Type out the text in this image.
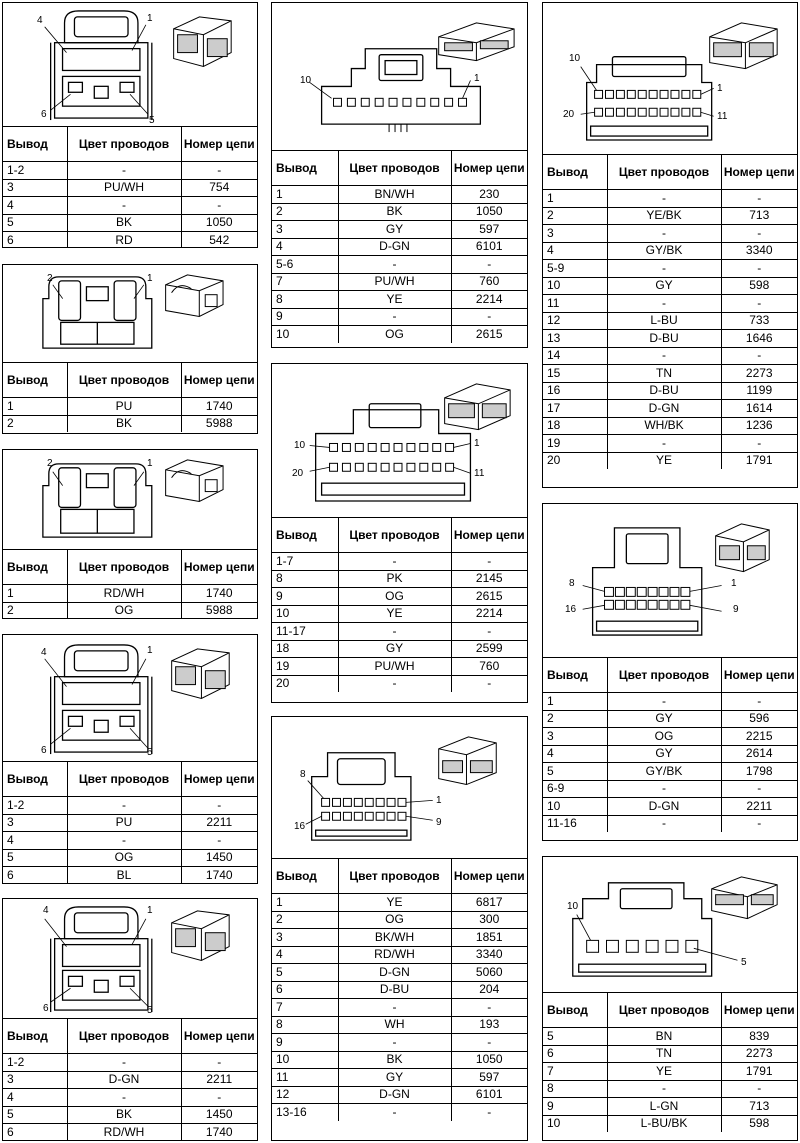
4	1
6
5
Вывод	Цвет проводов	Номер цепи
1-2	-	-
3	PU/WH	754
4	-	-
5	BK	1050
6	RD	542
2	1
Вывод	Цвет проводов	Номер цепи
1	PU	1740
2	BK	5988
2	1
Вывод	Цвет проводов	Номер цепи
1	RD/WH	1740
2	OG	5988
4	1
6	5
Вывод	Цвет проводов	Номер цепи
1-2	-	-
3	PU	2211
4	-	-
5	OG	1450
6	BL	1740
4	1
6	5
Вывод	Цвет проводов	Номер цепи
1-2	-	-
3	D-GN	2211
4	-	-
5	BK	1450
6	RD/WH	1740
10	1
Вывод	Цвет проводов	Номер цепи
1	BN/WH	230
2	BK	1050
3	GY	597
4	D-GN	6101
5-6	-	-
7	PU/WH	760
8	YE	2214
9	-	-
10	OG	2615
10	1
20	11
Вывод	Цвет проводов	Номер цепи
1-7	-	-
8	PK	2145
9	OG	2615
10	YE	2214
11-17	-	-
18	GY	2599
19	PU/WH	760
20	-	-
8
1
16	9
Вывод	Цвет проводов	Номер цепи
1	YE	6817
2	OG	300
3	BK/WH	1851
4	RD/WH	3340
5	D-GN	5060
6	D-BU	204
7	-	-
8	WH	193
9	-	-
10	BK	1050
11	GY	597
12	D-GN	6101
13-16	-	-
10
1
20	11
Вывод	Цвет проводов	Номер цепи
1	-	-
2	YE/BK	713
3	-	-
4	GY/BK	3340
5-9	-	-
10	GY	598
11	-	-
12	L-BU	733
13	D-BU	1646
14	-	-
15	TN	2273
16	D-BU	1199
17	D-GN	1614
18	WH/BK	1236
19	-	-
20	YE	1791
8	1
16	9
Вывод	Цвет проводов	Номер цепи
1	-	-
2	GY	596
3	OG	2215
4	GY	2614
5	GY/BK	1798
6-9	-	-
10	D-GN	2211
11-16	-	-
10
5
Вывод	Цвет проводов	Номер цепи
5	BN	839
6	TN	2273
7	YE	1791
8	-	-
9	L-GN	713
10	L-BU/BK	598
